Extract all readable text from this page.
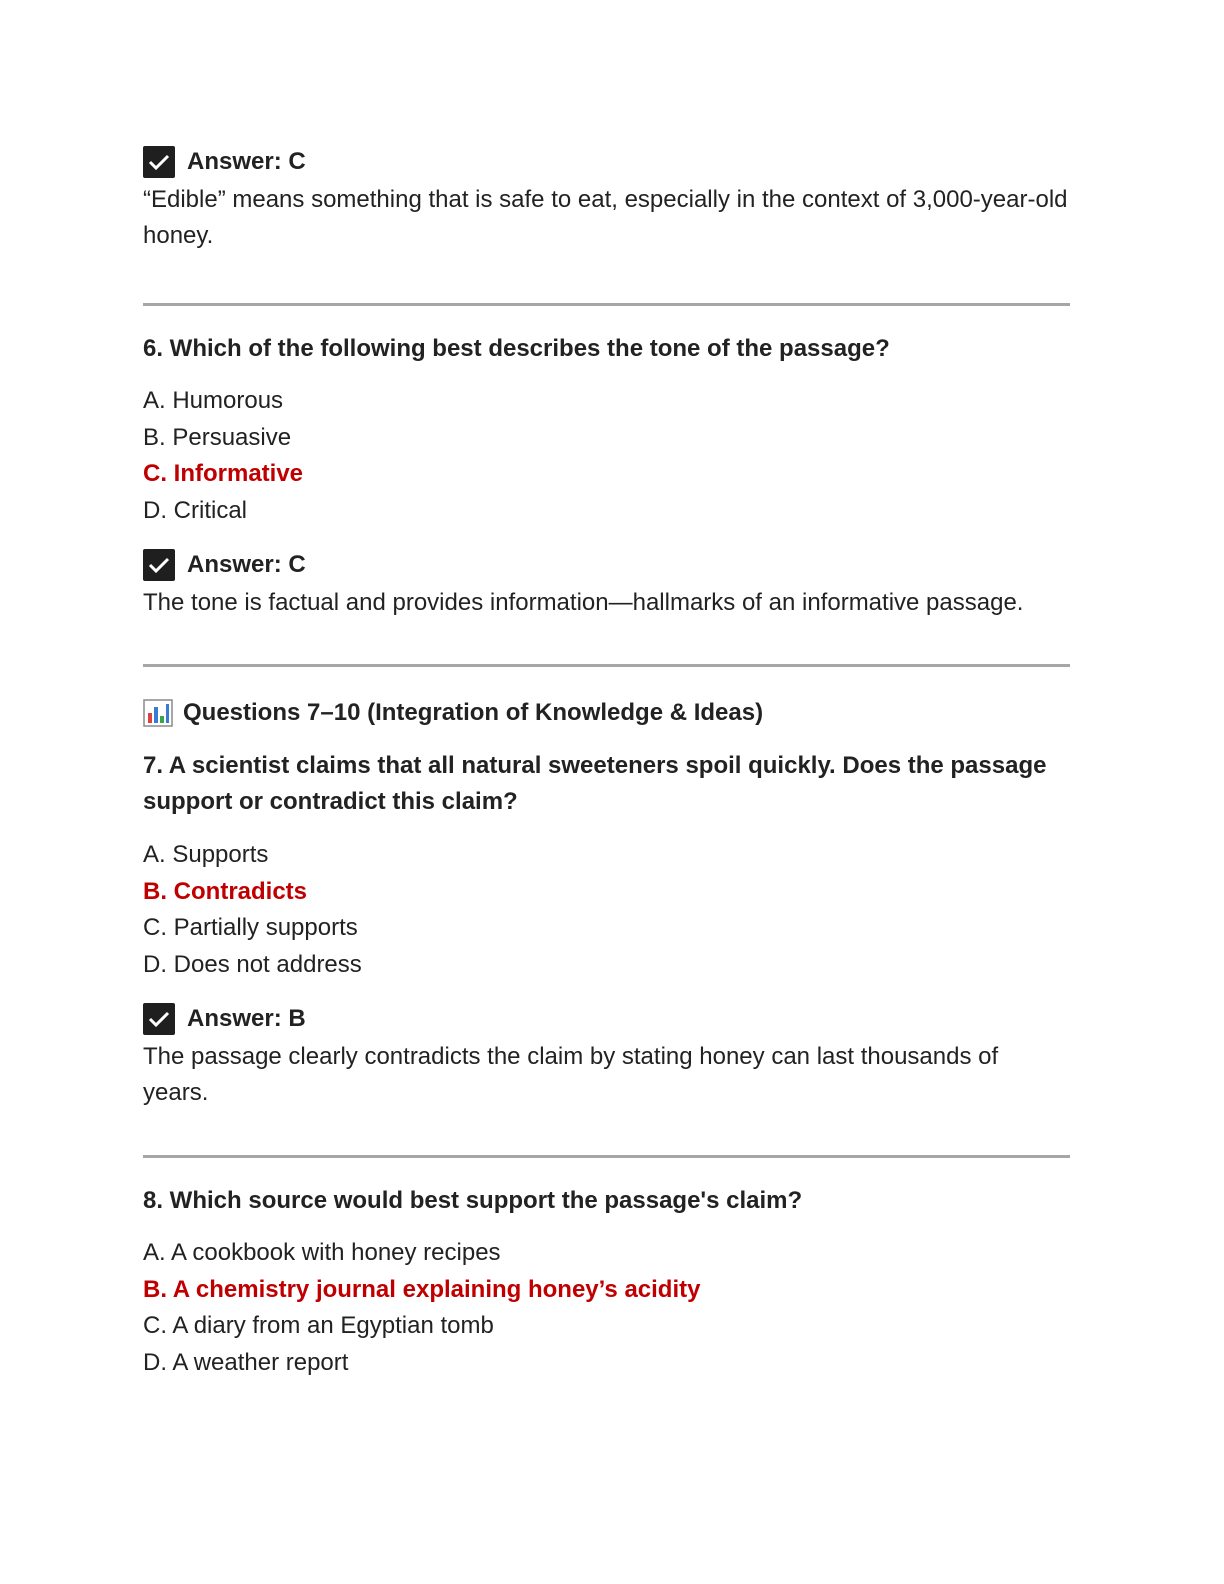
Answer: C

“Edible” means something that is safe to eat, especially in the context of 3,000-year-old honey.

6. Which of the following best describes the tone of the passage?

A. Humorous
B. Persuasive
C. Informative
D. Critical
Answer: C

The tone is factual and provides information—hallmarks of an informative passage.

Questions 7–10 (Integration of Knowledge & Ideas)

7. A scientist claims that all natural sweeteners spoil quickly. Does the passage support or contradict this claim?

A. Supports
B. Contradicts
C. Partially supports
D. Does not address
Answer: B

The passage clearly contradicts the claim by stating honey can last thousands of years.

8. Which source would best support the passage's claim?

A. A cookbook with honey recipes
B. A chemistry journal explaining honey’s acidity
C. A diary from an Egyptian tomb
D. A weather report
